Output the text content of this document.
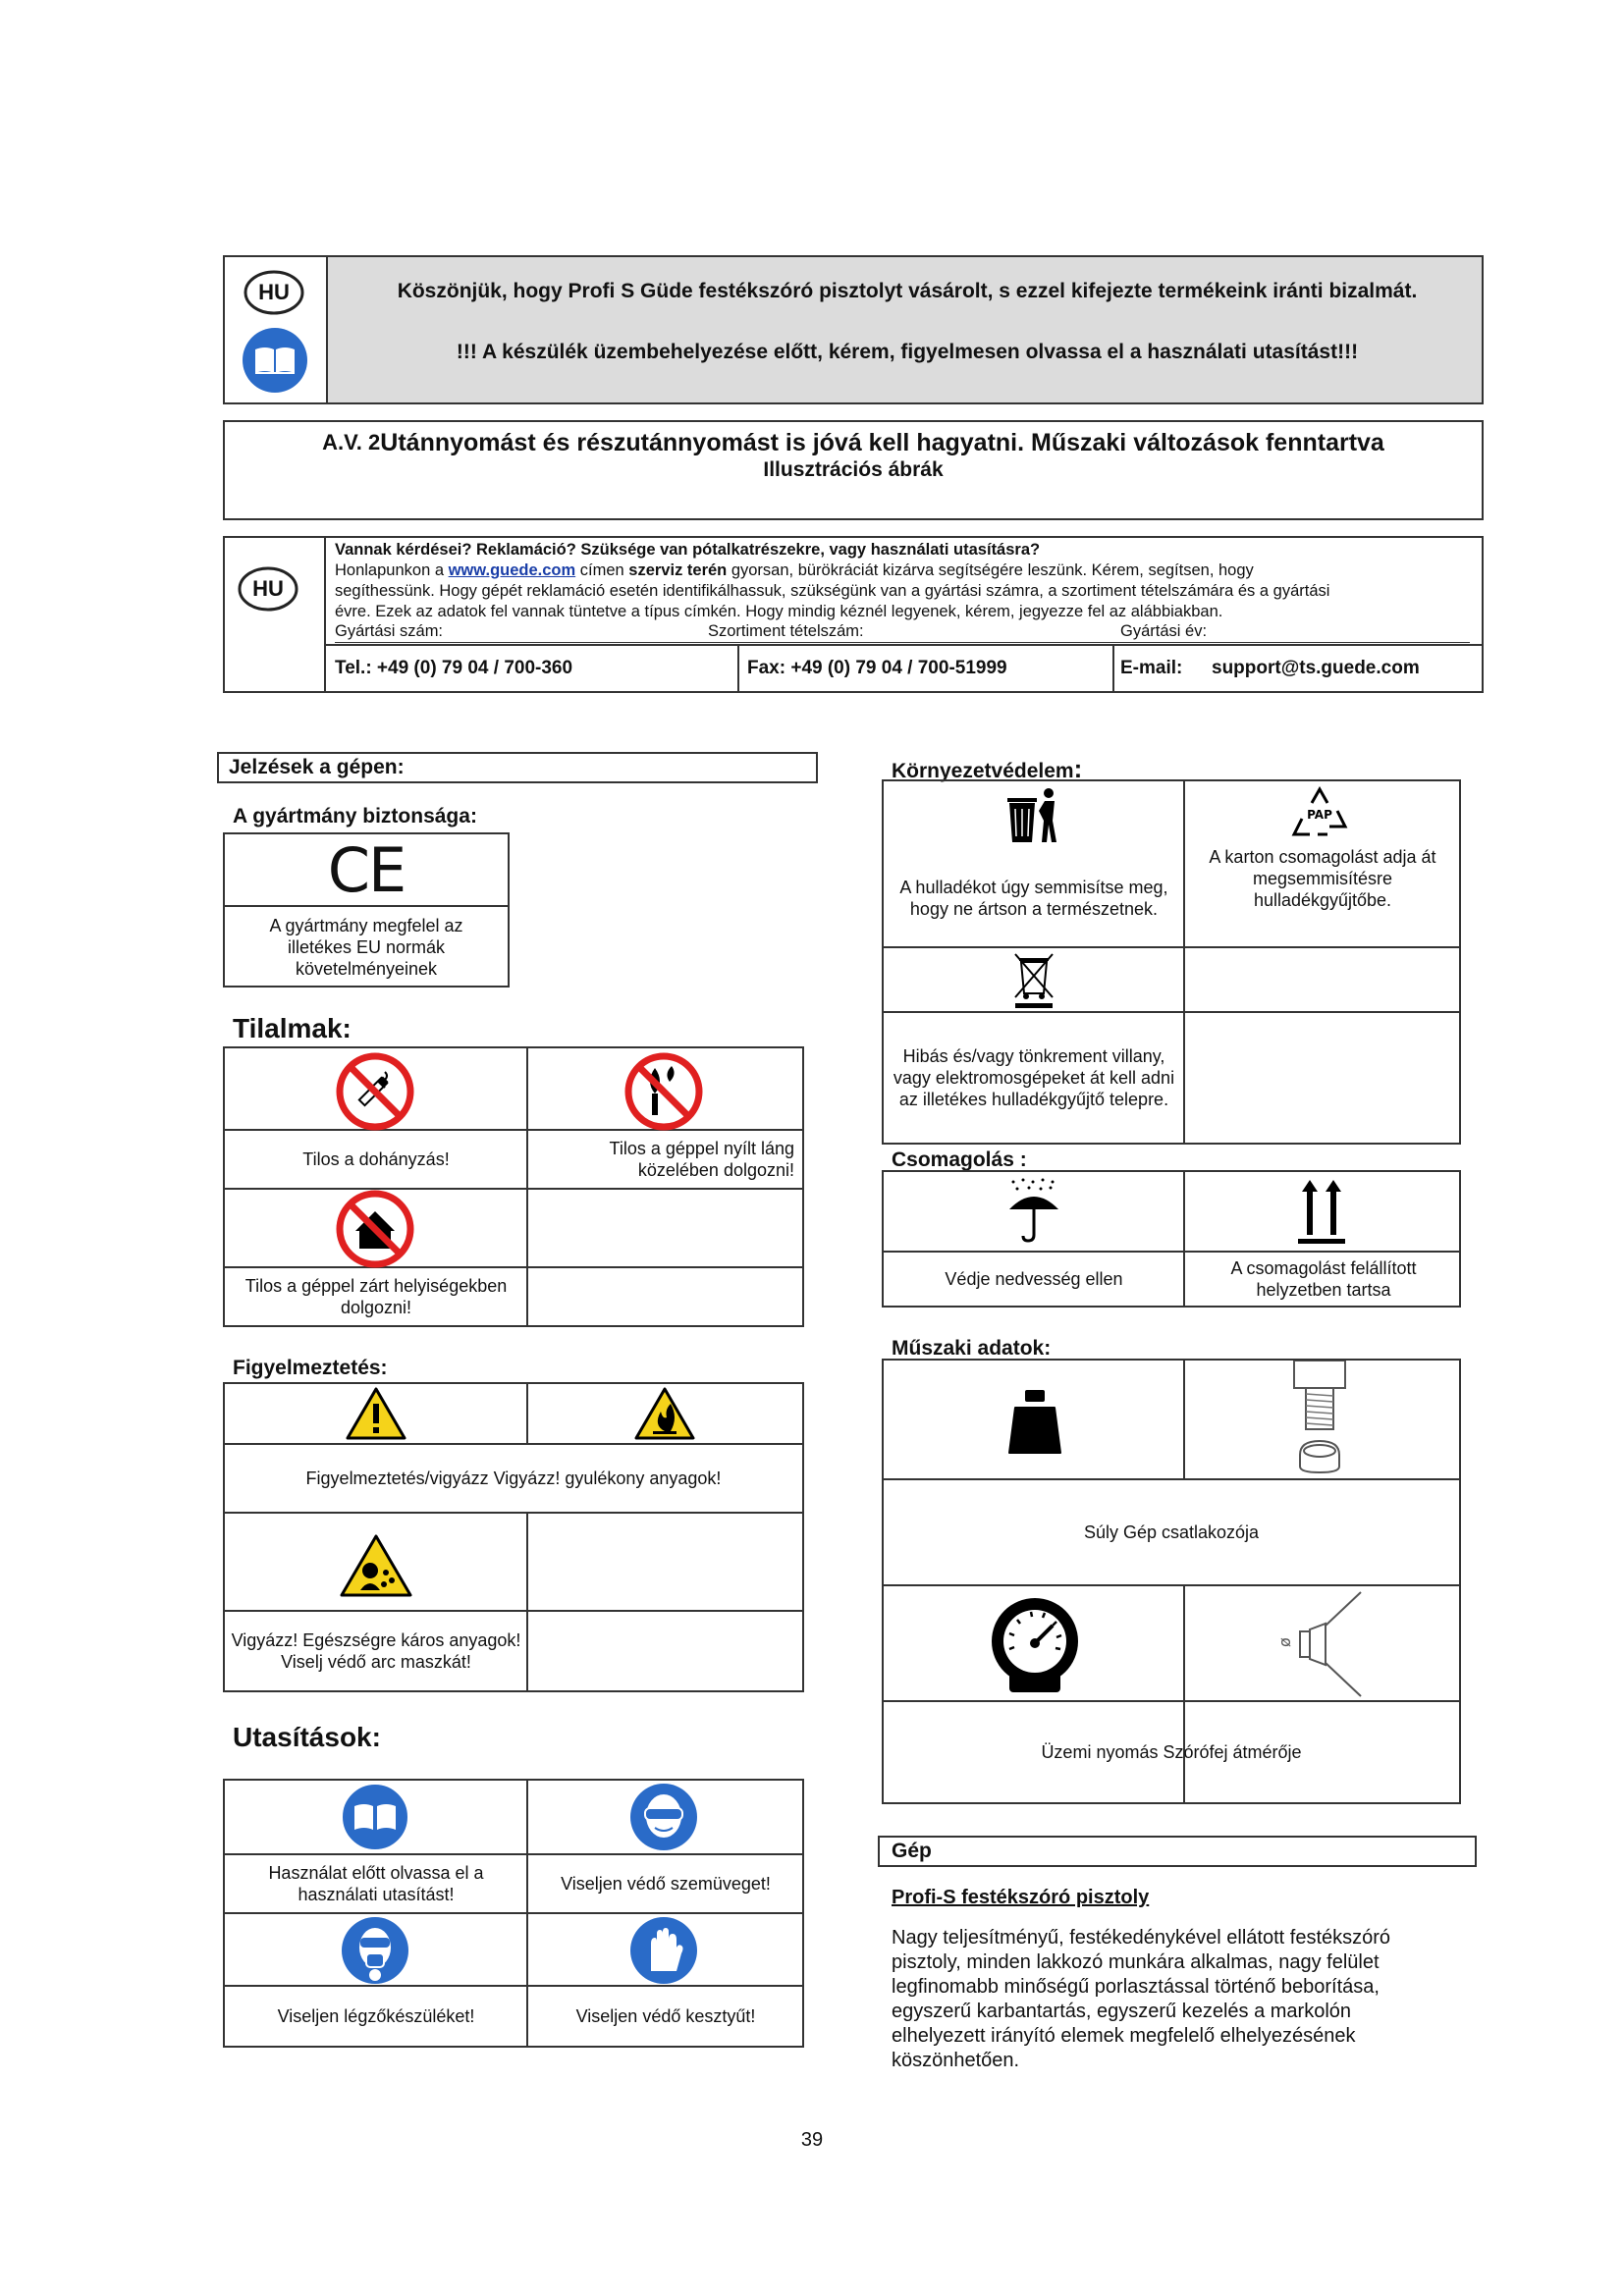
HU	Köszönjük, hogy Profi S Güde festékszóró pisztolyt vásárolt, s ezzel kifejezte termékeink iránti bizalmát.
!!! A készülék üzembehelyezése előtt, kérem, figyelmesen olvassa el a használati utasítást!!!
A.V. 2 Utánnyomást és részutánnyomást is jóvá kell hagyatni. Műszaki változások fenntartva
Illusztrációs ábrák
HU
Vannak kérdései? Reklamáció? Szüksége van pótalkatrészekre, vagy használati utasításra?
Honlapunkon a www.guede.com címen szerviz terén gyorsan, bürökráciát kizárva segítségére leszünk. Kérem, segítsen, hogy
segíthessünk. Hogy gépét reklamáció esetén identifikálhassuk, szükségünk van a gyártási számra, a szortiment tételszámára és a gyártási
évre. Ezek az adatok fel vannak tüntetve a típus címkén. Hogy mindig kéznél legyenek, kérem, jegyezze fel az alábbiakban.
Gyártási szám:	Szortiment tételszám:	Gyártási év:
Tel.: +49 (0) 79 04 / 700-360	Fax: +49 (0) 79 04 / 700-51999	E-mail: support@ts.guede.com
Jelzések a gépen:
A gyártmány biztonsága:
CE
A gyártmány megfelel az illetékes EU normák követelményeinek
Tilalmak:
Tilos a dohányzás!
Tilos a géppel nyílt láng közelében dolgozni!
Tilos a géppel zárt helyiségekben dolgozni!
Figyelmeztetés:
Figyelmeztetés/vigyázz Vigyázz! gyulékony anyagok!
Vigyázz! Egészségre káros anyagok! Viselj védő arc maszkát!
Utasítások:
Használat előtt olvassa el a használati utasítást!
Viseljen védő szemüveget!
Viseljen légzőkészüléket!	Viseljen védő kesztyűt!
Környezetvédelem:
PAP
A hulladékot úgy semmisítse meg, hogy ne ártson a természetnek.
A karton csomagolást adja át megsemmisítésre hulladékgyűjtőbe.
Hibás és/vagy tönkrement villany, vagy elektromosgépeket át kell adni az illetékes hulladékgyűjtő telepre.
Csomagolás :
Védje nedvesség ellen
A csomagolást felállított helyzetben tartsa
Műszaki adatok:
Súly Gép csatlakozója
ø
Üzemi nyomás Szórófej átmérője
Gép
Profi-S festékszóró pisztoly
Nagy teljesítményű, festékedénykével ellátott festékszóró pisztoly, minden lakkozó munkára alkalmas, nagy felület legfinomabb minőségű porlasztással történő beborítása, egyszerű karbantartás, egyszerű kezelés a markolón elhelyezett irányító elemek megfelelő elhelyezésének köszönhetően.
39
